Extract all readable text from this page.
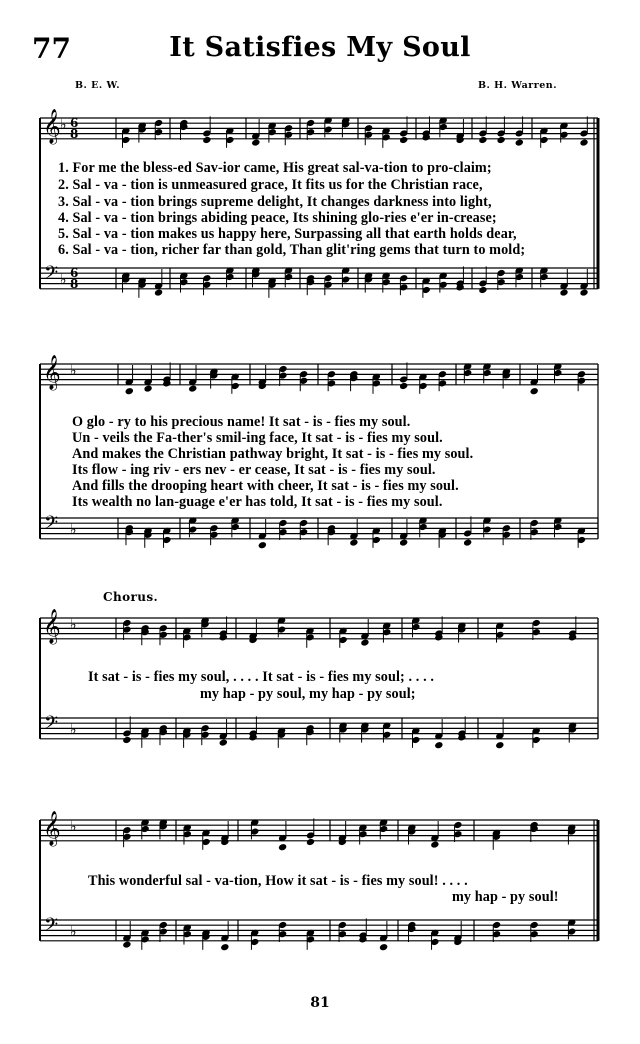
77	It Satisfies My Soul
B. E. W.	B. H. Warren.
𝄞
𝄢
𝄞
𝄢
𝄞
𝄢
𝄞
𝄢
6
8
6
8
♭
♭
♭
♭
♭
♭
♭
♭
1. For me the bless-ed Sav-ior came, His great sal-va-tion to pro-claim;
2. Sal - va - tion is unmeasured grace, It fits us for the Christian race,
3. Sal - va - tion brings supreme delight, It changes darkness into light,
4. Sal - va - tion brings abiding peace, Its shining glo-ries e'er in-crease;
5. Sal - va - tion makes us happy here, Surpassing all that earth holds dear,
6. Sal - va - tion, richer far than gold, Than glit'ring gems that turn to mold;
O glo - ry to his precious name! It sat - is - fies my soul.
Un - veils the Fa-ther's smil-ing face, It sat - is - fies my soul.
And makes the Christian pathway bright, It sat - is - fies my soul.
Its flow - ing riv - ers nev - er cease, It sat - is - fies my soul.
And fills the drooping heart with cheer, It sat - is - fies my soul.
Its wealth no lan-guage e'er has told, It sat - is - fies my soul.
Chorus.
It sat - is - fies my soul, . . . . It sat - is - fies my soul; . . . .
my hap - py soul, my hap - py soul;
This wonderful sal - va-tion, How it sat - is - fies my soul! . . . .
my hap - py soul!
81
